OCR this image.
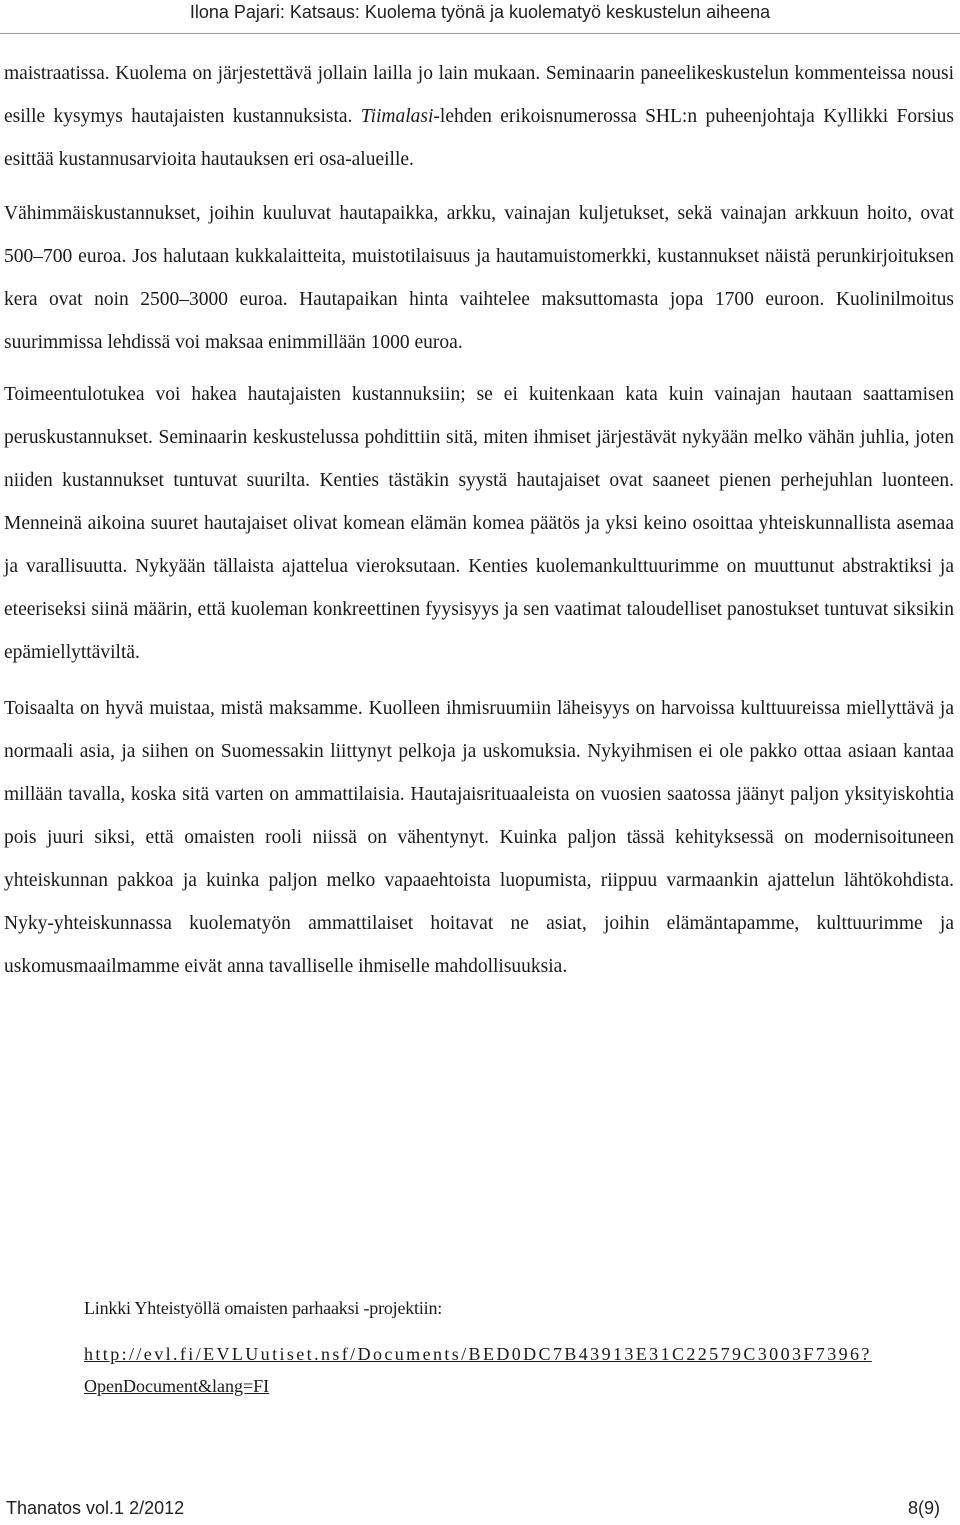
Ilona Pajari: Katsaus: Kuolema työnä ja kuolematyö keskustelun aiheena

maistraatissa. Kuolema on järjestettävä jollain lailla jo lain mukaan. Seminaarin paneelikeskustelun kommenteissa nousi esille kysymys hautajaisten kustannuksista. Tiimalasi-lehden erikoisnumerossa SHL:n puheenjohtaja Kyllikki Forsius esittää kustannusarvioita hautauksen eri osa-alueille.

Vähimmäiskustannukset, joihin kuuluvat hautapaikka, arkku, vainajan kuljetukset, sekä vainajan arkkuun hoito, ovat 500–700 euroa. Jos halutaan kukkalaitteita, muistotilaisuus ja hautamuistomerkki, kustannukset näistä perunkirjoituksen kera ovat noin 2500–3000 euroa. Hautapaikan hinta vaihtelee maksuttomasta jopa 1700 euroon. Kuolinilmoitus suurimmissa lehdissä voi maksaa enimmillään 1000 euroa.

Toimeentulotukea voi hakea hautajaisten kustannuksiin; se ei kuitenkaan kata kuin vainajan hautaan saattamisen peruskustannukset. Seminaarin keskustelussa pohdittiin sitä, miten ihmiset järjestävät nykyään melko vähän juhlia, joten niiden kustannukset tuntuvat suurilta. Kenties tästäkin syystä hautajaiset ovat saaneet pienen perhejuhlan luonteen. Menneinä aikoina suuret hautajaiset olivat komean elämän komea päätös ja yksi keino osoittaa yhteiskunnallista asemaa ja varallisuutta. Nykyään tällaista ajattelua vieroksutaan. Kenties kuolemankulttuurimme on muuttunut abstraktiksi ja eteeriseksi siinä määrin, että kuoleman konkreettinen fyysisyys ja sen vaatimat taloudelliset panostukset tuntuvat siksikin epämiellyttäviltä.

Toisaalta on hyvä muistaa, mistä maksamme. Kuolleen ihmisruumiin läheisyys on harvoissa kulttuureissa miellyttävä ja normaali asia, ja siihen on Suomessakin liittynyt pelkoja ja uskomuksia. Nykyihmisen ei ole pakko ottaa asiaan kantaa millään tavalla, koska sitä varten on ammattilaisia. Hautajaisrituaaleista on vuosien saatossa jäänyt paljon yksityiskohtia pois juuri siksi, että omaisten rooli niissä on vähentynyt. Kuinka paljon tässä kehityksessä on modernisoituneen yhteiskunnan pakkoa ja kuinka paljon melko vapaaehtoista luopumista, riippuu varmaankin ajattelun lähtökohdista. Nyky-yhteiskunnassa kuolematyön ammattilaiset hoitavat ne asiat, joihin elämäntapamme, kulttuurimme ja uskomusmaailmamme eivät anna tavalliselle ihmiselle mahdollisuuksia.

Linkki Yhteistyöllä omaisten parhaaksi -projektiin:

http://evl.fi/EVLUutiset.nsf/Documents/BED0DC7B43913E31C22579C3003F7396?
OpenDocument&lang=FI

Thanatos vol.1 2/2012	8(9)
